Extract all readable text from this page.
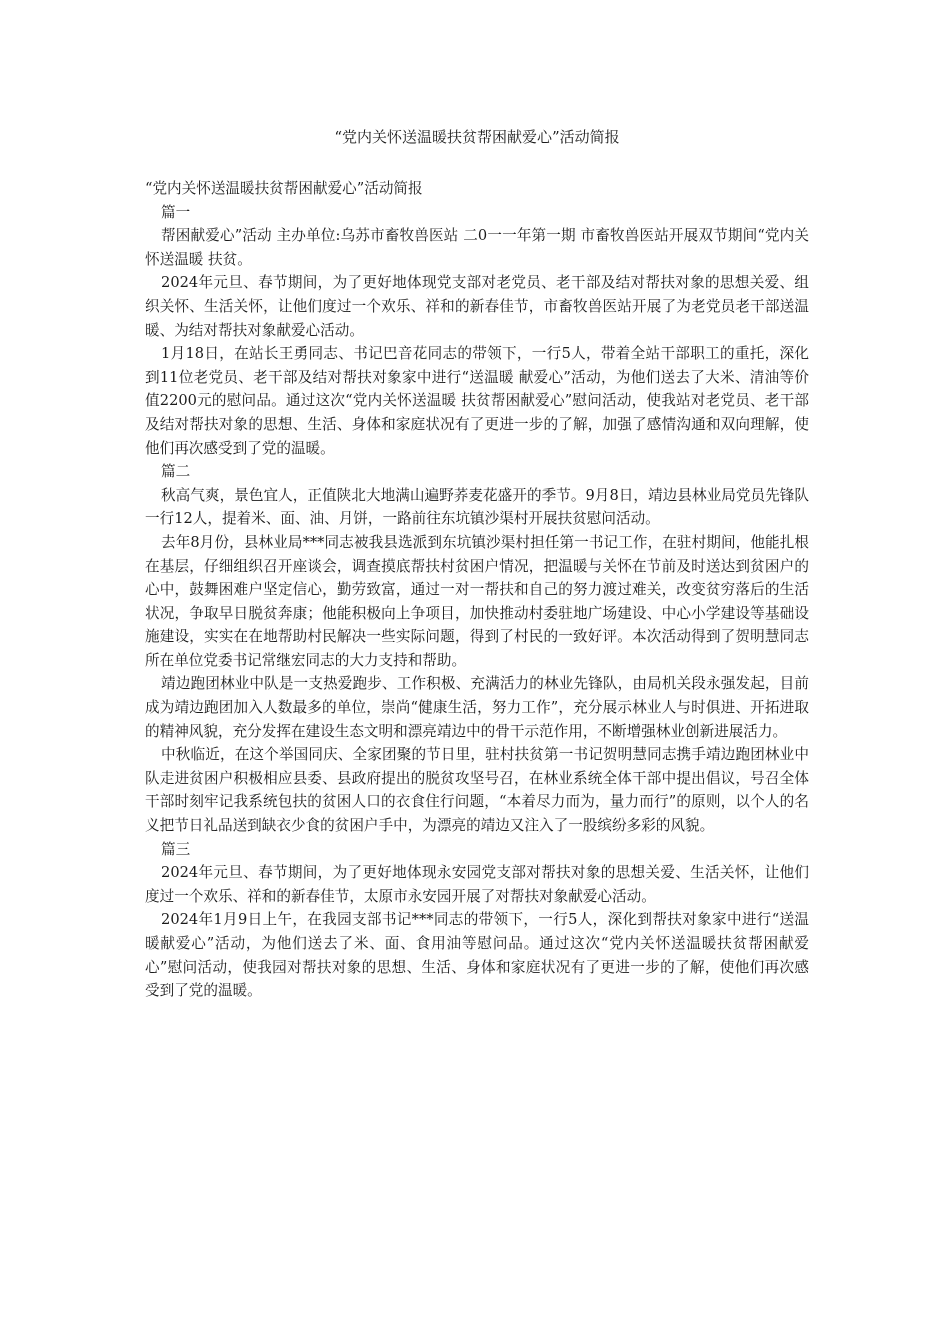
“党内关怀送温暖扶贫帮困献爱心”活动简报

“党内关怀送温暖扶贫帮困献爱心”活动简报

篇一

帮困献爱心”活动 主办单位:乌苏市畜牧兽医站 二0一一年第一期 市畜牧兽医站开展双节期间“党内关怀送温暖 扶贫。

2024年元旦、春节期间，为了更好地体现党支部对老党员、老干部及结对帮扶对象的思想关爱、组织关怀、生活关怀，让他们度过一个欢乐、祥和的新春佳节，市畜牧兽医站开展了为老党员老干部送温暖、为结对帮扶对象献爱心活动。

1月18日，在站长王勇同志、书记巴音花同志的带领下，一行5人，带着全站干部职工的重托，深化到11位老党员、老干部及结对帮扶对象家中进行“送温暖 献爱心”活动，为他们送去了大米、清油等价值2200元的慰问品。通过这次“党内关怀送温暖 扶贫帮困献爱心”慰问活动，使我站对老党员、老干部及结对帮扶对象的思想、生活、身体和家庭状况有了更进一步的了解，加强了感情沟通和双向理解，使他们再次感受到了党的温暖。

篇二

秋高气爽，景色宜人，正值陕北大地满山遍野荞麦花盛开的季节。9月8日，靖边县林业局党员先锋队一行12人，提着米、面、油、月饼，一路前往东坑镇沙渠村开展扶贫慰问活动。

去年8月份，县林业局***同志被我县选派到东坑镇沙渠村担任第一书记工作，在驻村期间，他能扎根在基层，仔细组织召开座谈会，调查摸底帮扶村贫困户情况，把温暖与关怀在节前及时送达到贫困户的心中，鼓舞困难户坚定信心，勤劳致富，通过一对一帮扶和自己的努力渡过难关，改变贫穷落后的生活状况，争取早日脱贫奔康；他能积极向上争项目，加快推动村委驻地广场建设、中心小学建设等基础设施建设，实实在在地帮助村民解决一些实际问题，得到了村民的一致好评。本次活动得到了贺明慧同志所在单位党委书记常继宏同志的大力支持和帮助。

靖边跑团林业中队是一支热爱跑步、工作积极、充满活力的林业先锋队，由局机关段永强发起，目前成为靖边跑团加入人数最多的单位，崇尚“健康生活，努力工作”，充分展示林业人与时俱进、开拓进取的精神风貌，充分发挥在建设生态文明和漂亮靖边中的骨干示范作用，不断增强林业创新进展活力。

中秋临近，在这个举国同庆、全家团聚的节日里，驻村扶贫第一书记贺明慧同志携手靖边跑团林业中队走进贫困户积极相应县委、县政府提出的脱贫攻坚号召，在林业系统全体干部中提出倡议，号召全体干部时刻牢记我系统包扶的贫困人口的衣食住行问题，“本着尽力而为，量力而行”的原则，以个人的名义把节日礼品送到缺衣少食的贫困户手中，为漂亮的靖边又注入了一股缤纷多彩的风貌。

篇三

2024年元旦、春节期间，为了更好地体现永安园党支部对帮扶对象的思想关爱、生活关怀，让他们度过一个欢乐、祥和的新春佳节，太原市永安园开展了对帮扶对象献爱心活动。

2024年1月9日上午，在我园支部书记***同志的带领下，一行5人，深化到帮扶对象家中进行“送温暖献爱心”活动，为他们送去了米、面、食用油等慰问品。通过这次“党内关怀送温暖扶贫帮困献爱心”慰问活动，使我园对帮扶对象的思想、生活、身体和家庭状况有了更进一步的了解，使他们再次感受到了党的温暖。
